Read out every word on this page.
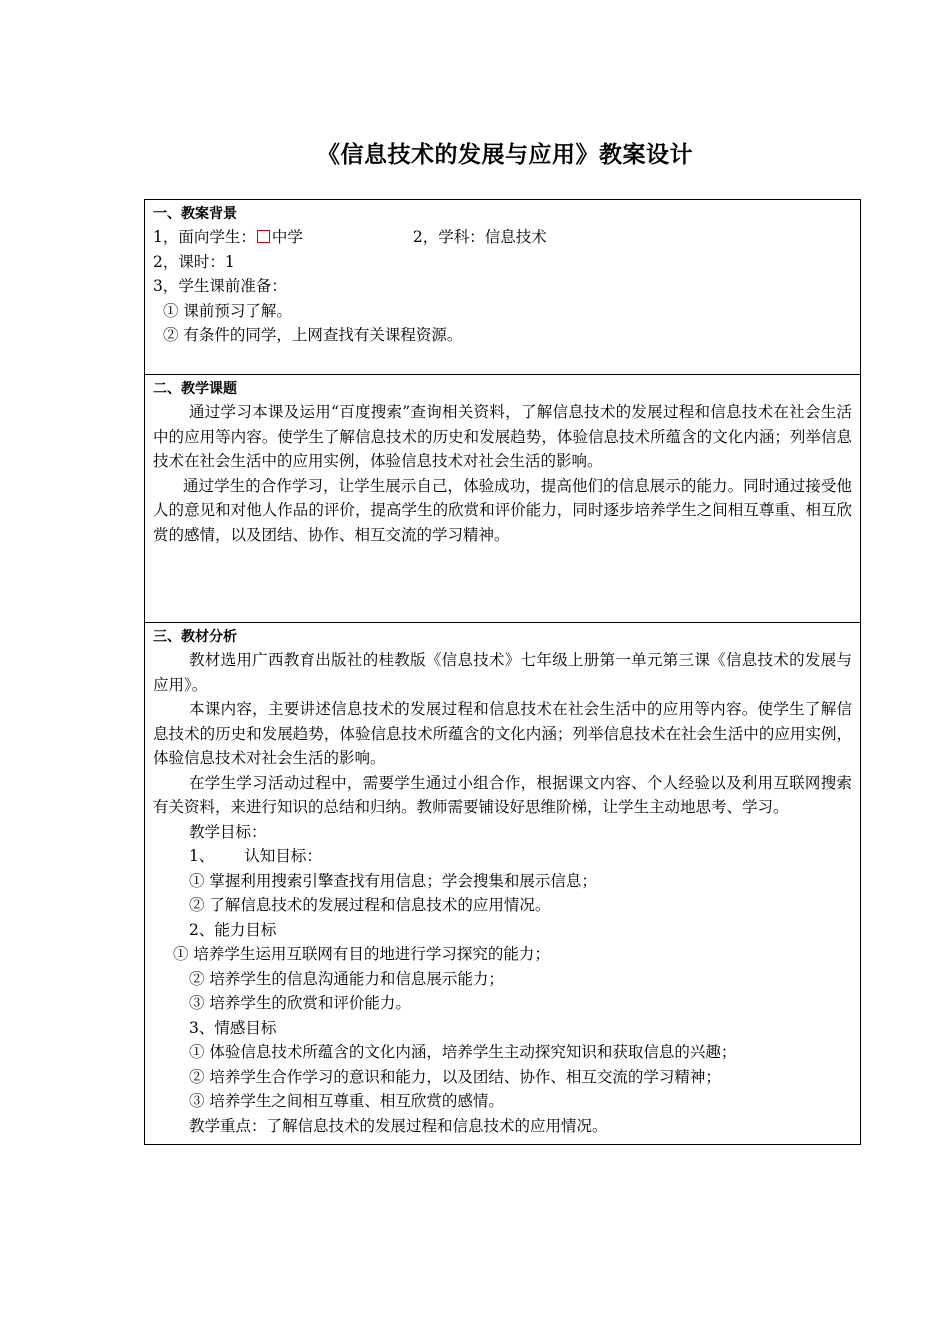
《信息技术的发展与应用》教案设计
一、教案背景
1，面向学生： 中学	2，学科：信息技术
2，课时：1
3，学生课前准备：
① 课前预习了解。
② 有条件的同学，上网查找有关课程资源。

二、教学课题
通过学习本课及运用“百度搜索”查询相关资料，了解信息技术的发展过程和信息技术在社会生活中的应用等内容。使学生了解信息技术的历史和发展趋势，体验信息技术所蕴含的文化内涵；列举信息技术在社会生活中的应用实例，体验信息技术对社会生活的影响。
通过学生的合作学习，让学生展示自己，体验成功，提高他们的信息展示的能力。同时通过接受他人的意见和对他人作品的评价，提高学生的欣赏和评价能力，同时逐步培养学生之间相互尊重、相互欣赏的感情，以及团结、协作、相互交流的学习精神。

三、教材分析
教材选用广西教育出版社的桂教版《信息技术》七年级上册第一单元第三课《信息技术的发展与应用》。
本课内容，主要讲述信息技术的发展过程和信息技术在社会生活中的应用等内容。使学生了解信息技术的历史和发展趋势，体验信息技术所蕴含的文化内涵；列举信息技术在社会生活中的应用实例，体验信息技术对社会生活的影响。
在学生学习活动过程中，需要学生通过小组合作，根据课文内容、个人经验以及利用互联网搜索有关资料，来进行知识的总结和归纳。教师需要铺设好思维阶梯，让学生主动地思考、学习。
教学目标：
1、 认知目标：
① 掌握利用搜索引擎查找有用信息；学会搜集和展示信息；
② 了解信息技术的发展过程和信息技术的应用情况。
2、能力目标
① 培养学生运用互联网有目的地进行学习探究的能力；
② 培养学生的信息沟通能力和信息展示能力；
③ 培养学生的欣赏和评价能力。
3、情感目标
① 体验信息技术所蕴含的文化内涵，培养学生主动探究知识和获取信息的兴趣；
② 培养学生合作学习的意识和能力，以及团结、协作、相互交流的学习精神；
③ 培养学生之间相互尊重、相互欣赏的感情。
教学重点：了解信息技术的发展过程和信息技术的应用情况。
